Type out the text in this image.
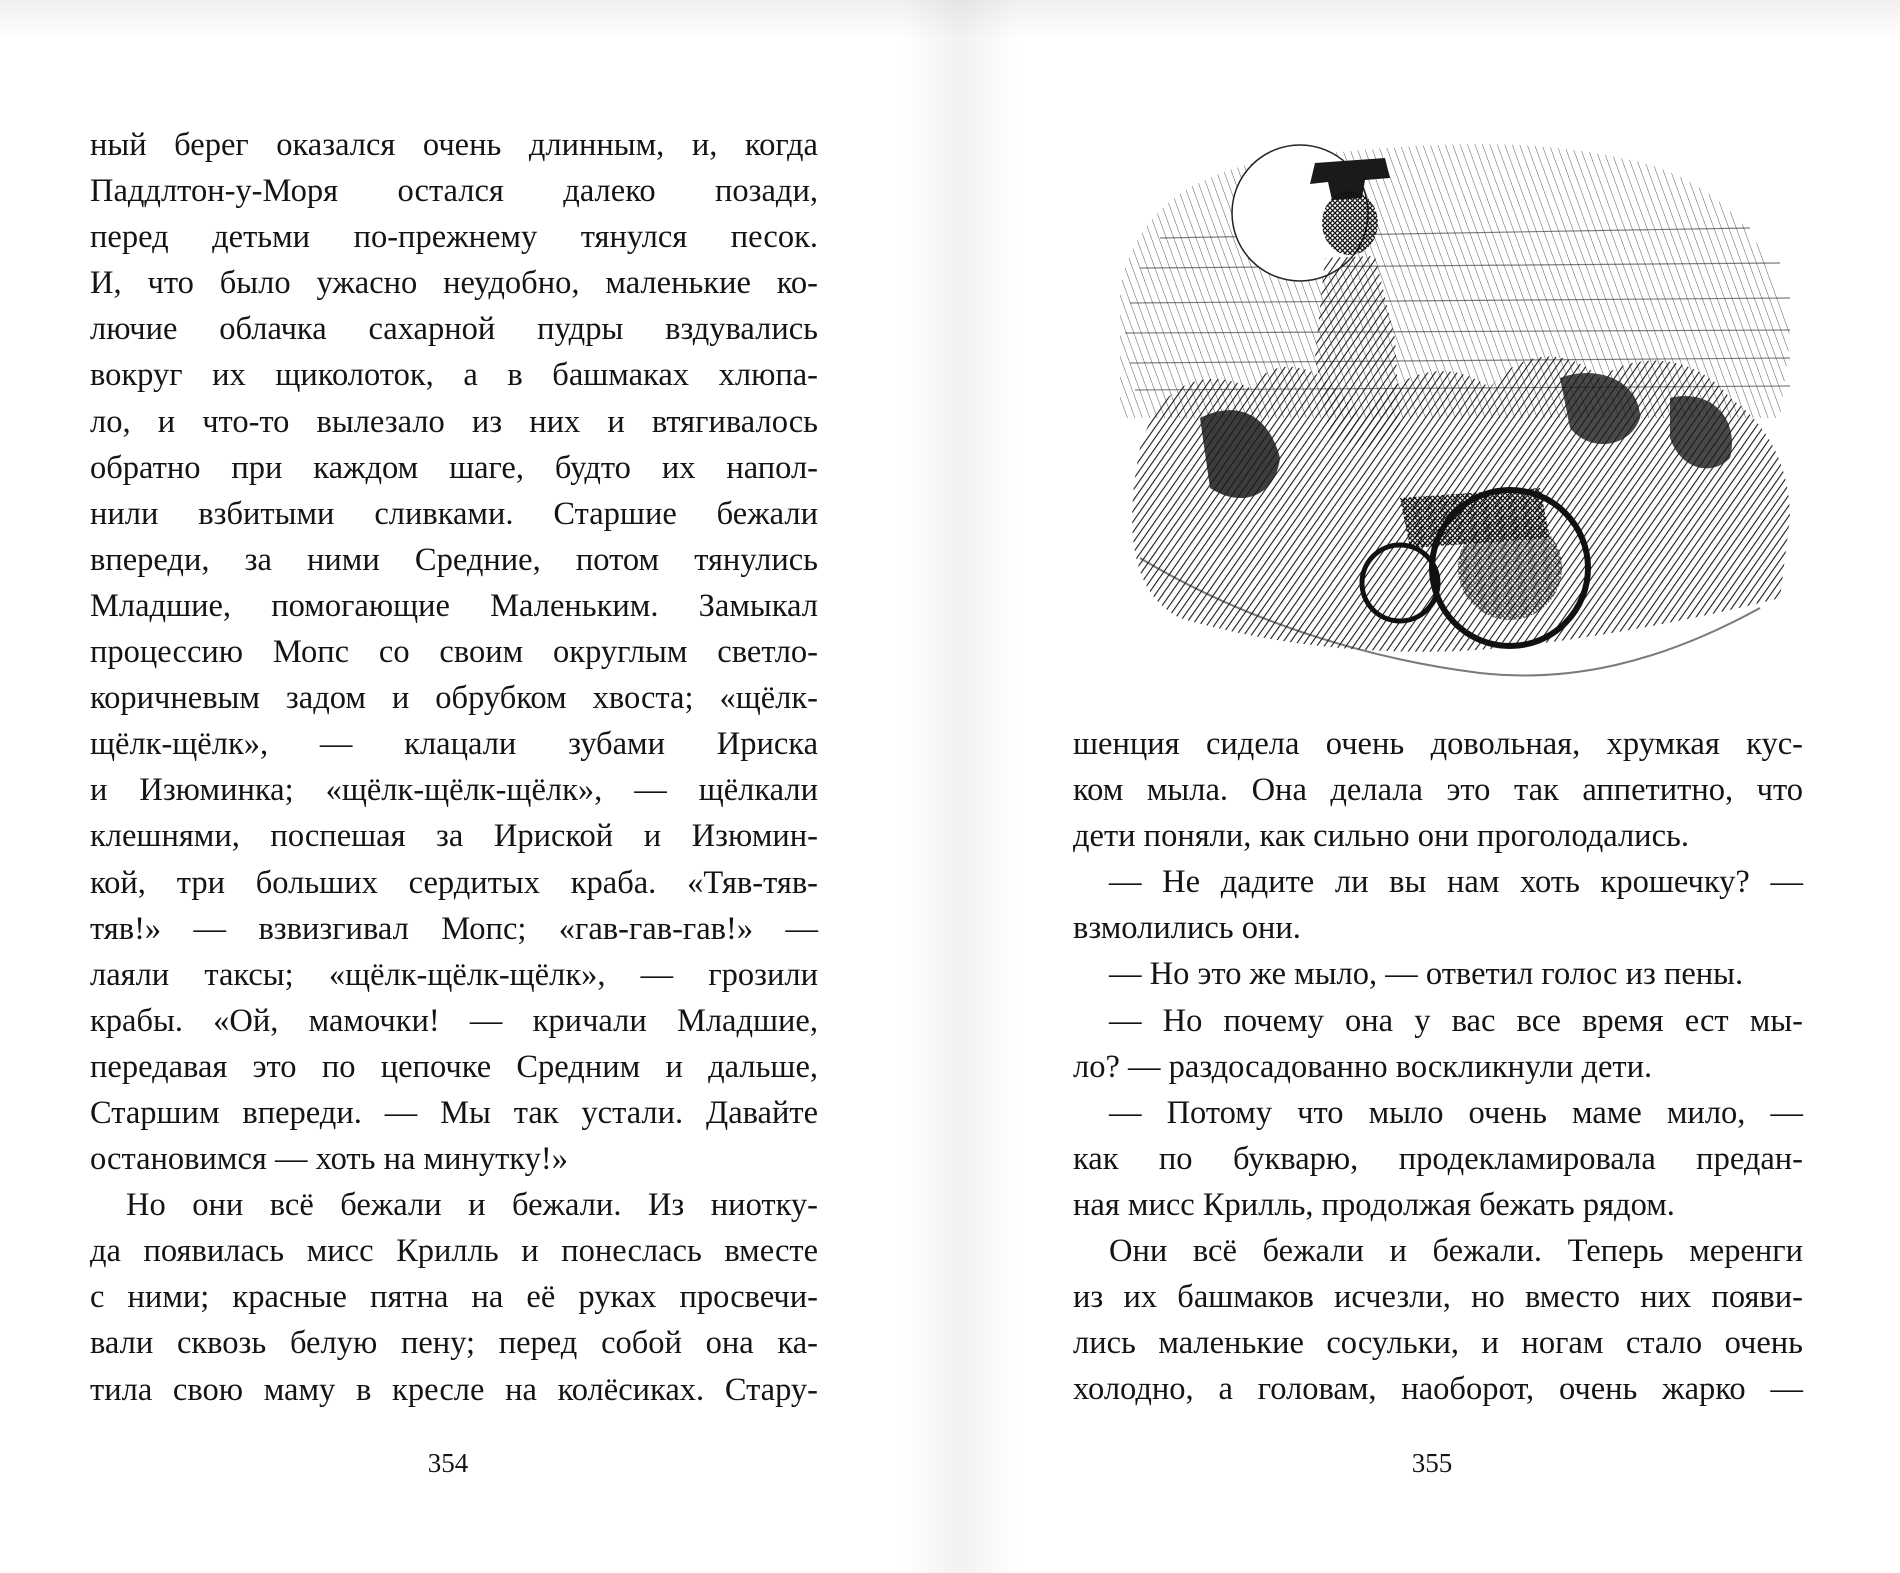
ный берег оказался очень длинным, и, когда
Паддлтон-у-Моря остался далеко позади,
перед детьми по-прежнему тянулся песок.
И, что было ужасно неудобно, маленькие ко-
лючие облачка сахарной пудры вздувались
вокруг их щиколоток, а в башмаках хлюпа-
ло, и что-то вылезало из них и втягивалось
обратно при каждом шаге, будто их напол-
нили взбитыми сливками. Старшие бежали
впереди, за ними Средние, потом тянулись
Младшие, помогающие Маленьким. Замыкал
процессию Мопс со своим округлым светло-
коричневым задом и обрубком хвоста; «щёлк-
щёлк-щёлк», — клацали зубами Ириска
и Изюминка; «щёлк-щёлк-щёлк», — щёлкали
клешнями, поспешая за Ириской и Изюмин-
кой, три больших сердитых краба. «Тяв-тяв-
тяв!» — взвизгивал Мопс; «гав-гав-гав!» —
лаяли таксы; «щёлк-щёлк-щёлк», — грозили
крабы. «Ой, мамочки! — кричали Младшие,
передавая это по цепочке Средним и дальше,
Старшим впереди. — Мы так устали. Давайте
остановимся — хоть на минутку!»
Но они всё бежали и бежали. Из ниотку-
да появилась мисс Крилль и понеслась вместе
с ними; красные пятна на её руках просвечи-
вали сквозь белую пену; перед собой она ка-
тила свою маму в кресле на колёсиках. Стару-
354
шенция сидела очень довольная, хрумкая кус-
ком мыла. Она делала это так аппетитно, что
дети поняли, как сильно они проголодались.
— Не дадите ли вы нам хоть крошечку? —
взмолились они.
— Но это же мыло, — ответил голос из пены.
— Но почему она у вас все время ест мы-
ло? — раздосадованно воскликнули дети.
— Потому что мыло очень маме мило, —
как по букварю, продекламировала предан-
ная мисс Крилль, продолжая бежать рядом.
Они всё бежали и бежали. Теперь меренги
из их башмаков исчезли, но вместо них появи-
лись маленькие сосульки, и ногам стало очень
холодно, а головам, наоборот, очень жарко —
355
